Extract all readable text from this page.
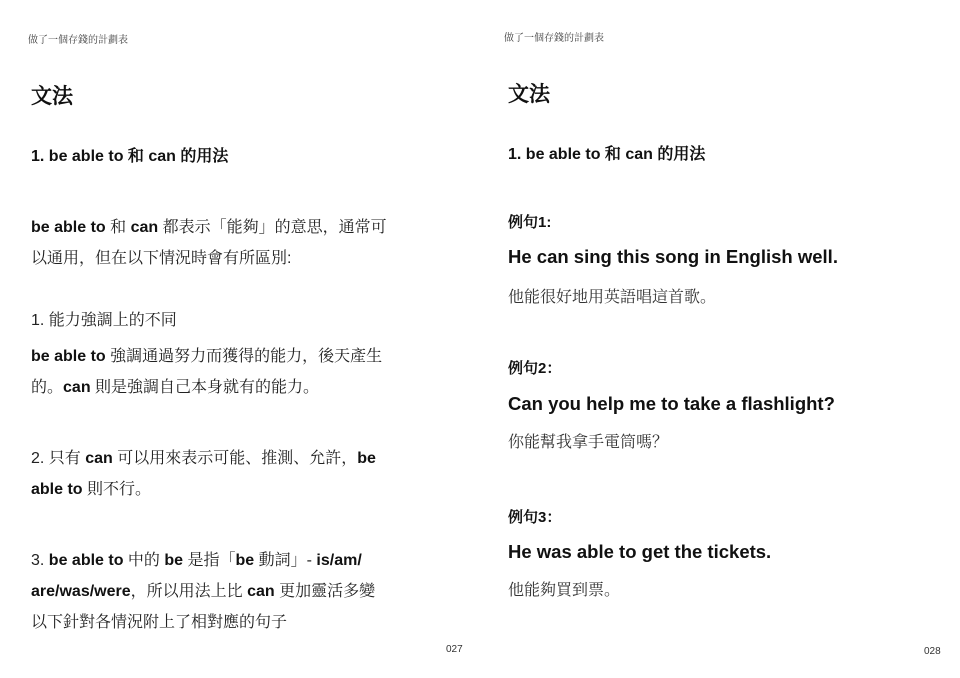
做了一個存錢的計劃表
文法
1. be able to 和 can 的用法
be able to 和 can 都表示「能夠」的意思，通常可
以通用，但在以下情況時會有所區別:
1. 能力強調上的不同
be able to 強調通過努力而獲得的能力，後天產生
的。can 則是強調自己本身就有的能力。
2. 只有 can 可以用來表示可能、推測、允許，be
able to 則不行。
3. be able to 中的 be 是指「be 動詞」- is/am/
are/was/were，所以用法上比 can 更加靈活多變
以下針對各情況附上了相對應的句子
027
做了一個存錢的計劃表
文法
1. be able to 和 can 的用法
例句1:
He can sing this song in English well.
他能很好地用英語唱這首歌。
例句2：
Can you help me to take a flashlight?
你能幫我拿手電筒嗎？
例句3：
He was able to get the tickets.
他能夠買到票。
028
